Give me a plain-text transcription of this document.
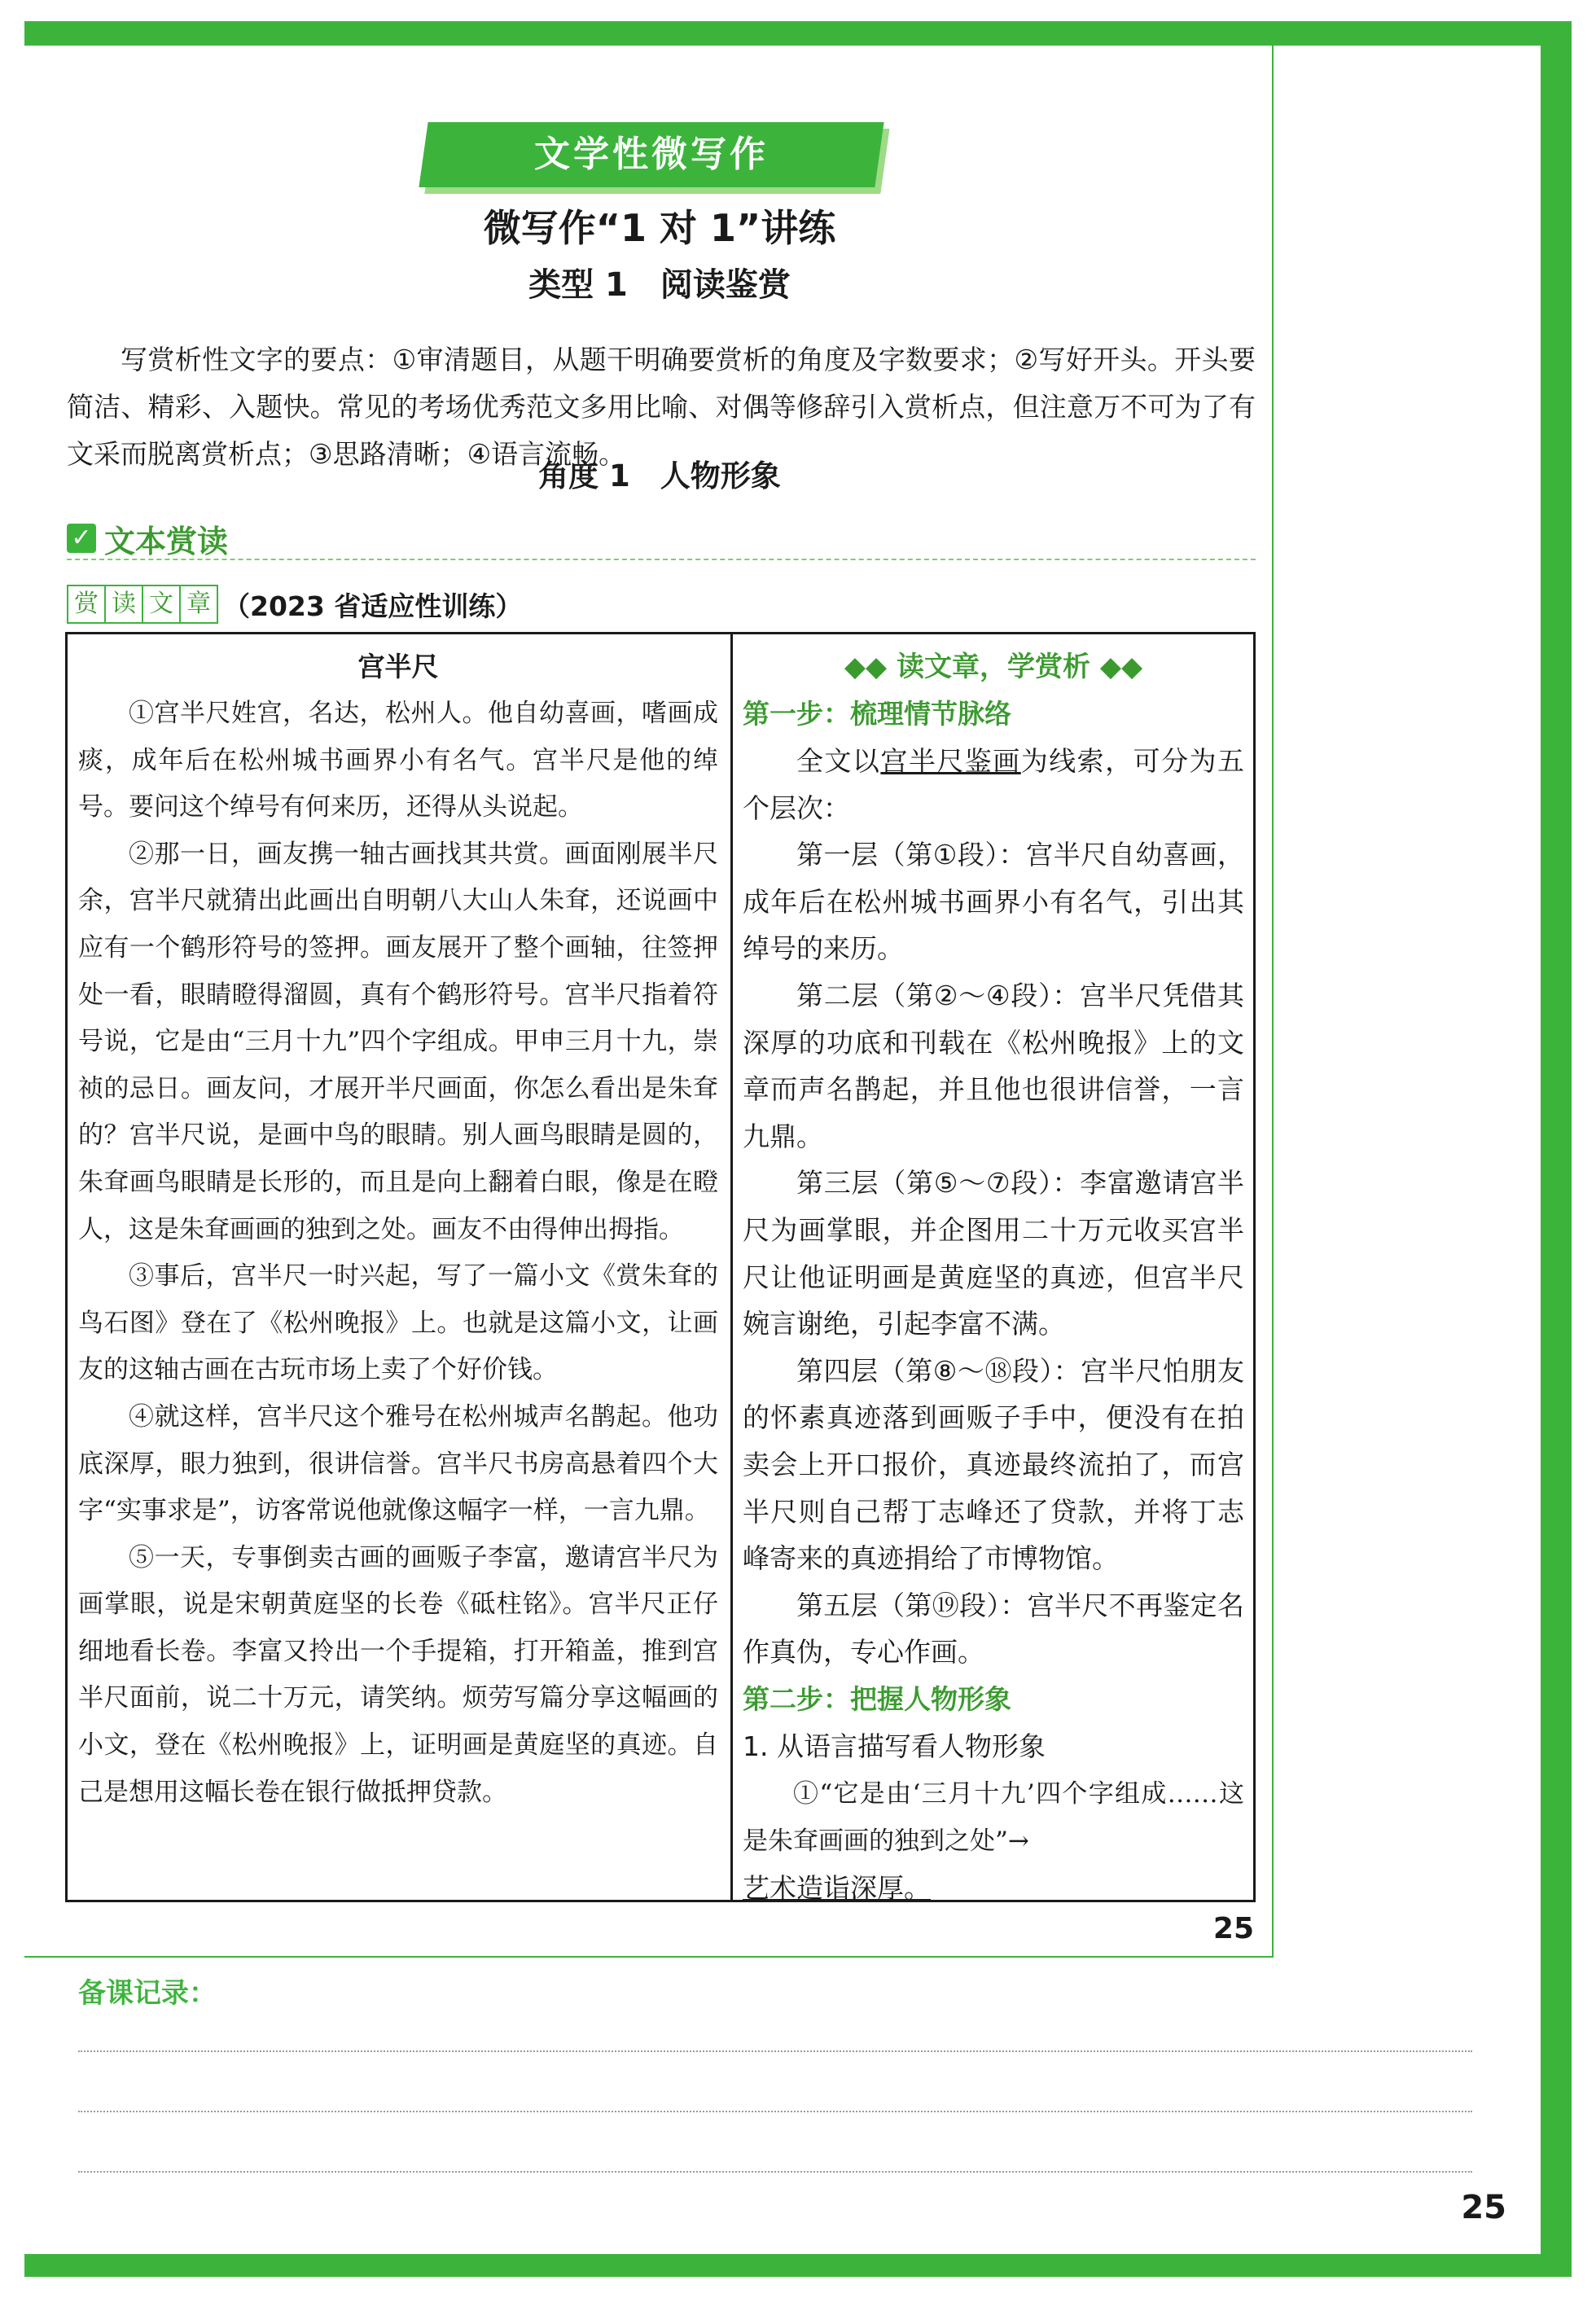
文学性微写作
微写作“1 对 1”讲练
类型 1　阅读鉴赏

写赏析性文字的要点：①审清题目，从题干明确要赏析的角度及字数要求；②写好开头。开头要简洁、精彩、入题快。常见的考场优秀范文多用比喻、对偶等修辞引入赏析点，但注意万不可为了有文采而脱离赏析点；③思路清晰；④语言流畅。

角度 1　人物形象
✓ 文本赏读
赏 读 文 章 （2023 省适应性训练）
宫半尺

①宫半尺姓宫，名达，松州人。他自幼喜画，嗜画成痰，成年后在松州城书画界小有名气。宫半尺是他的绰号。要问这个绰号有何来历，还得从头说起。

②那一日，画友携一轴古画找其共赏。画面刚展半尺余，宫半尺就猜出此画出自明朝八大山人朱耷，还说画中应有一个鹤形符号的签押。画友展开了整个画轴，往签押处一看，眼睛瞪得溜圆，真有个鹤形符号。宫半尺指着符号说，它是由“三月十九”四个字组成。甲申三月十九，崇祯的忌日。画友问，才展开半尺画面，你怎么看出是朱耷的？宫半尺说，是画中鸟的眼睛。别人画鸟眼睛是圆的，朱耷画鸟眼睛是长形的，而且是向上翻着白眼，像是在瞪人，这是朱耷画画的独到之处。画友不由得伸出拇指。

③事后，宫半尺一时兴起，写了一篇小文《赏朱耷的鸟石图》登在了《松州晚报》上。也就是这篇小文，让画友的这轴古画在古玩市场上卖了个好价钱。

④就这样，宫半尺这个雅号在松州城声名鹊起。他功底深厚，眼力独到，很讲信誉。宫半尺书房高悬着四个大字“实事求是”，访客常说他就像这幅字一样，一言九鼎。

⑤一天，专事倒卖古画的画贩子李富，邀请宫半尺为画掌眼，说是宋朝黄庭坚的长卷《砥柱铭》。宫半尺正仔细地看长卷。李富又拎出一个手提箱，打开箱盖，推到宫半尺面前，说二十万元，请笑纳。烦劳写篇分享这幅画的小文，登在《松州晚报》上，证明画是黄庭坚的真迹。自己是想用这幅长卷在银行做抵押贷款。

◆◆ 读文章，学赏析 ◆◆
第一步：梳理情节脉络

全文以宫半尺鉴画为线索，可分为五个层次：

第一层（第①段）：宫半尺自幼喜画，成年后在松州城书画界小有名气，引出其绰号的来历。

第二层（第②～④段）：宫半尺凭借其深厚的功底和刊载在《松州晚报》上的文章而声名鹊起，并且他也很讲信誉，一言九鼎。

第三层（第⑤～⑦段）：李富邀请宫半尺为画掌眼，并企图用二十万元收买宫半尺让他证明画是黄庭坚的真迹，但宫半尺婉言谢绝，引起李富不满。

第四层（第⑧～⑱段）：宫半尺怕朋友的怀素真迹落到画贩子手中，便没有在拍卖会上开口报价，真迹最终流拍了，而宫半尺则自己帮丁志峰还了贷款，并将丁志峰寄来的真迹捐给了市博物馆。

第五层（第⑲段）：宫半尺不再鉴定名作真伪，专心作画。

第二步：把握人物形象
1. 从语言描写看人物形象

①“它是由‘三月十九’四个字组成……这是朱耷画画的独到之处”→

艺术造诣深厚。
25
备课记录：
25
